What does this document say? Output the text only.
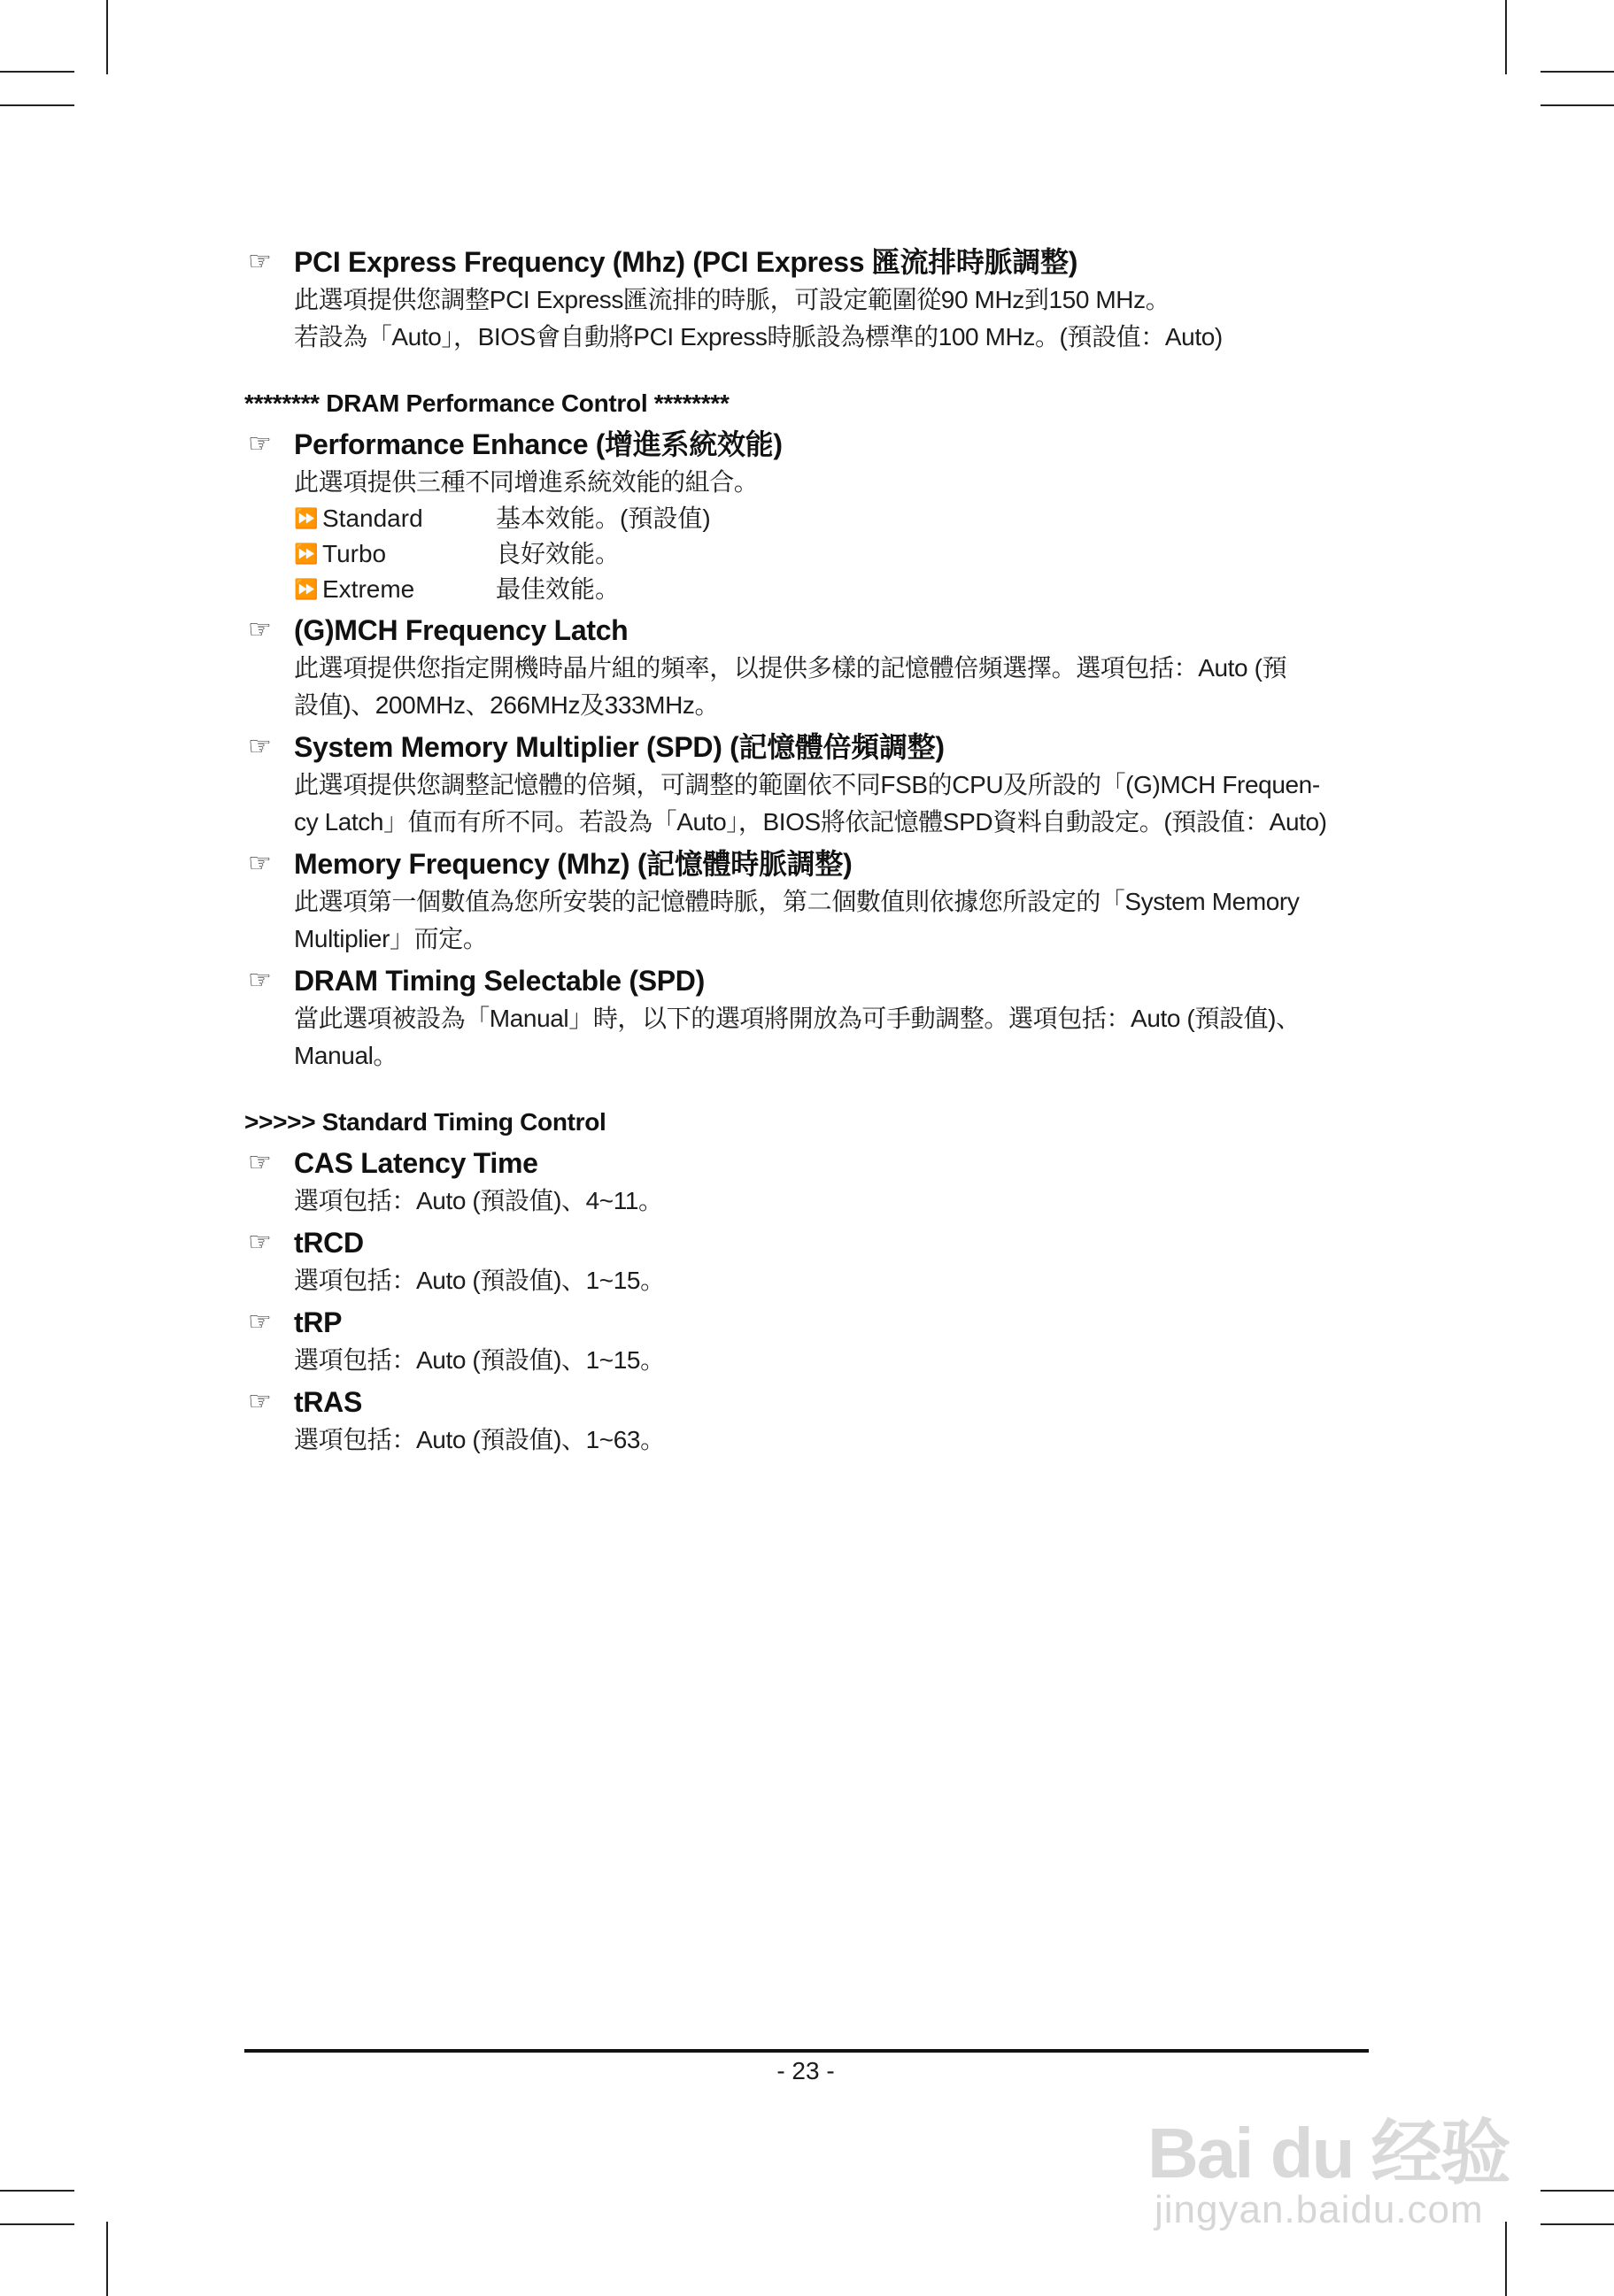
☞ PCI Express Frequency (Mhz) (PCI Express 匯流排時脈調整)
此選項提供您調整PCI Express匯流排的時脈，可設定範圍從90 MHz到150 MHz。
若設為「Auto」，BIOS會自動將PCI Express時脈設為標準的100 MHz。(預設值：Auto)
******** DRAM Performance Control ********
☞ Performance Enhance (增進系統效能)
此選項提供三種不同增進系統效能的組合。
⏩ Standard	基本效能。(預設值)
⏩ Turbo	良好效能。
⏩ Extreme	最佳效能。
☞ (G)MCH Frequency Latch
此選項提供您指定開機時晶片組的頻率，以提供多樣的記憶體倍頻選擇。選項包括：Auto (預
設值)、200MHz、266MHz及333MHz。
☞ System Memory Multiplier (SPD) (記憶體倍頻調整)
此選項提供您調整記憶體的倍頻，可調整的範圍依不同FSB的CPU及所設的「(G)MCH Frequen-
cy Latch」值而有所不同。若設為「Auto」，BIOS將依記憶體SPD資料自動設定。(預設值：Auto)
☞ Memory Frequency (Mhz) (記憶體時脈調整)
此選項第一個數值為您所安裝的記憶體時脈，第二個數值則依據您所設定的「System Memory
Multiplier」而定。
☞ DRAM Timing Selectable (SPD)
當此選項被設為「Manual」時，以下的選項將開放為可手動調整。選項包括：Auto (預設值)、
Manual。
>>>>> Standard Timing Control
☞ CAS Latency Time
選項包括：Auto (預設值)、4~11。
☞ tRCD
選項包括：Auto (預設值)、1~15。
☞ tRP
選項包括：Auto (預設值)、1~15。
☞ tRAS
選項包括：Auto (預設值)、1~63。
- 23 -
Bai du 经验
jingyan.baidu.com
